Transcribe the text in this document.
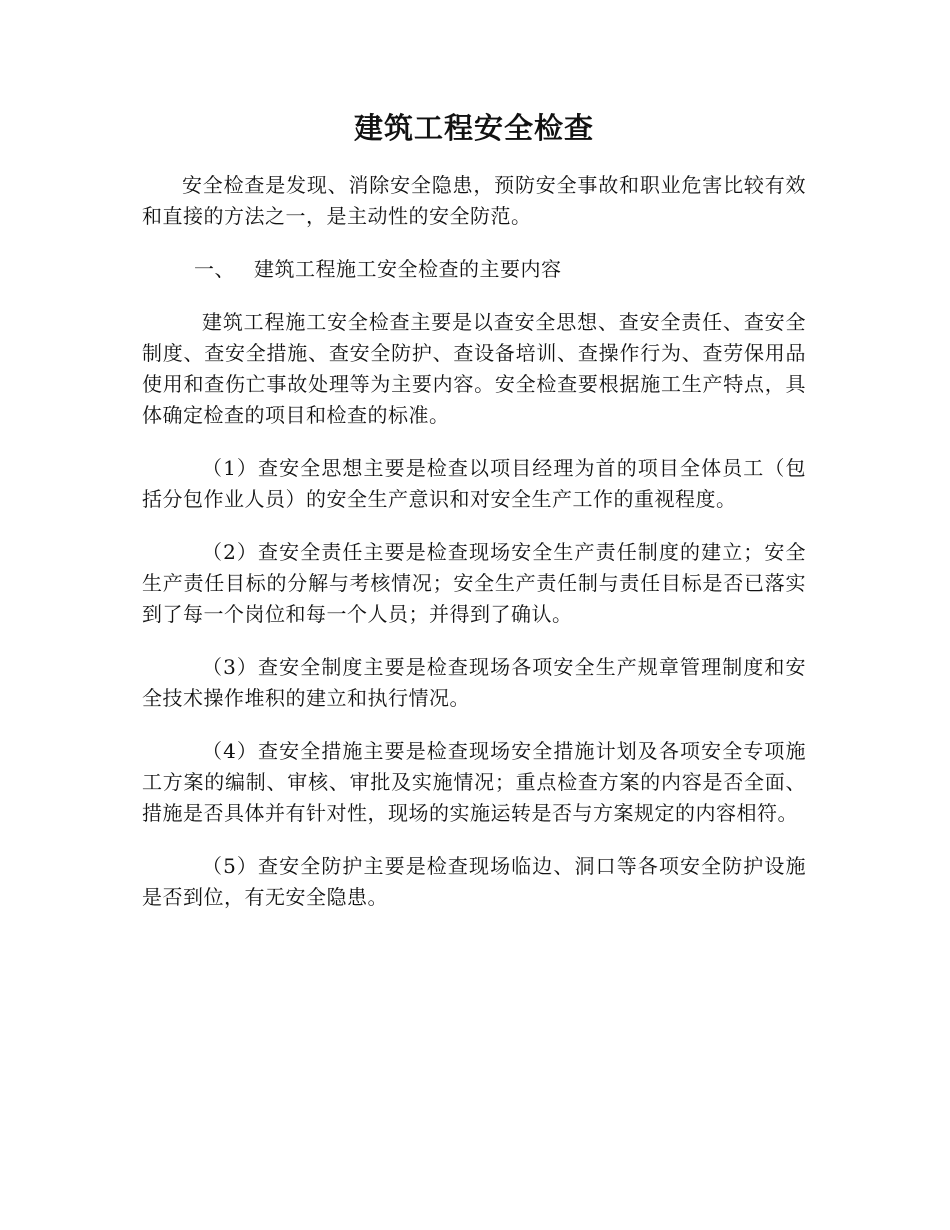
建筑工程安全检查

安全检查是发现、消除安全隐患，预防安全事故和职业危害比较有效和直接的方法之一，是主动性的安全防范。

一、 建筑工程施工安全检查的主要内容

建筑工程施工安全检查主要是以查安全思想、查安全责任、查安全制度、查安全措施、查安全防护、查设备培训、查操作行为、查劳保用品使用和查伤亡事故处理等为主要内容。安全检查要根据施工生产特点，具体确定检查的项目和检查的标准。

（1）查安全思想主要是检查以项目经理为首的项目全体员工（包括分包作业人员）的安全生产意识和对安全生产工作的重视程度。

（2）查安全责任主要是检查现场安全生产责任制度的建立；安全生产责任目标的分解与考核情况；安全生产责任制与责任目标是否已落实到了每一个岗位和每一个人员；并得到了确认。

（3）查安全制度主要是检查现场各项安全生产规章管理制度和安全技术操作堆积的建立和执行情况。

（4）查安全措施主要是检查现场安全措施计划及各项安全专项施工方案的编制、审核、审批及实施情况；重点检查方案的内容是否全面、措施是否具体并有针对性，现场的实施运转是否与方案规定的内容相符。

（5）查安全防护主要是检查现场临边、洞口等各项安全防护设施是否到位，有无安全隐患。
